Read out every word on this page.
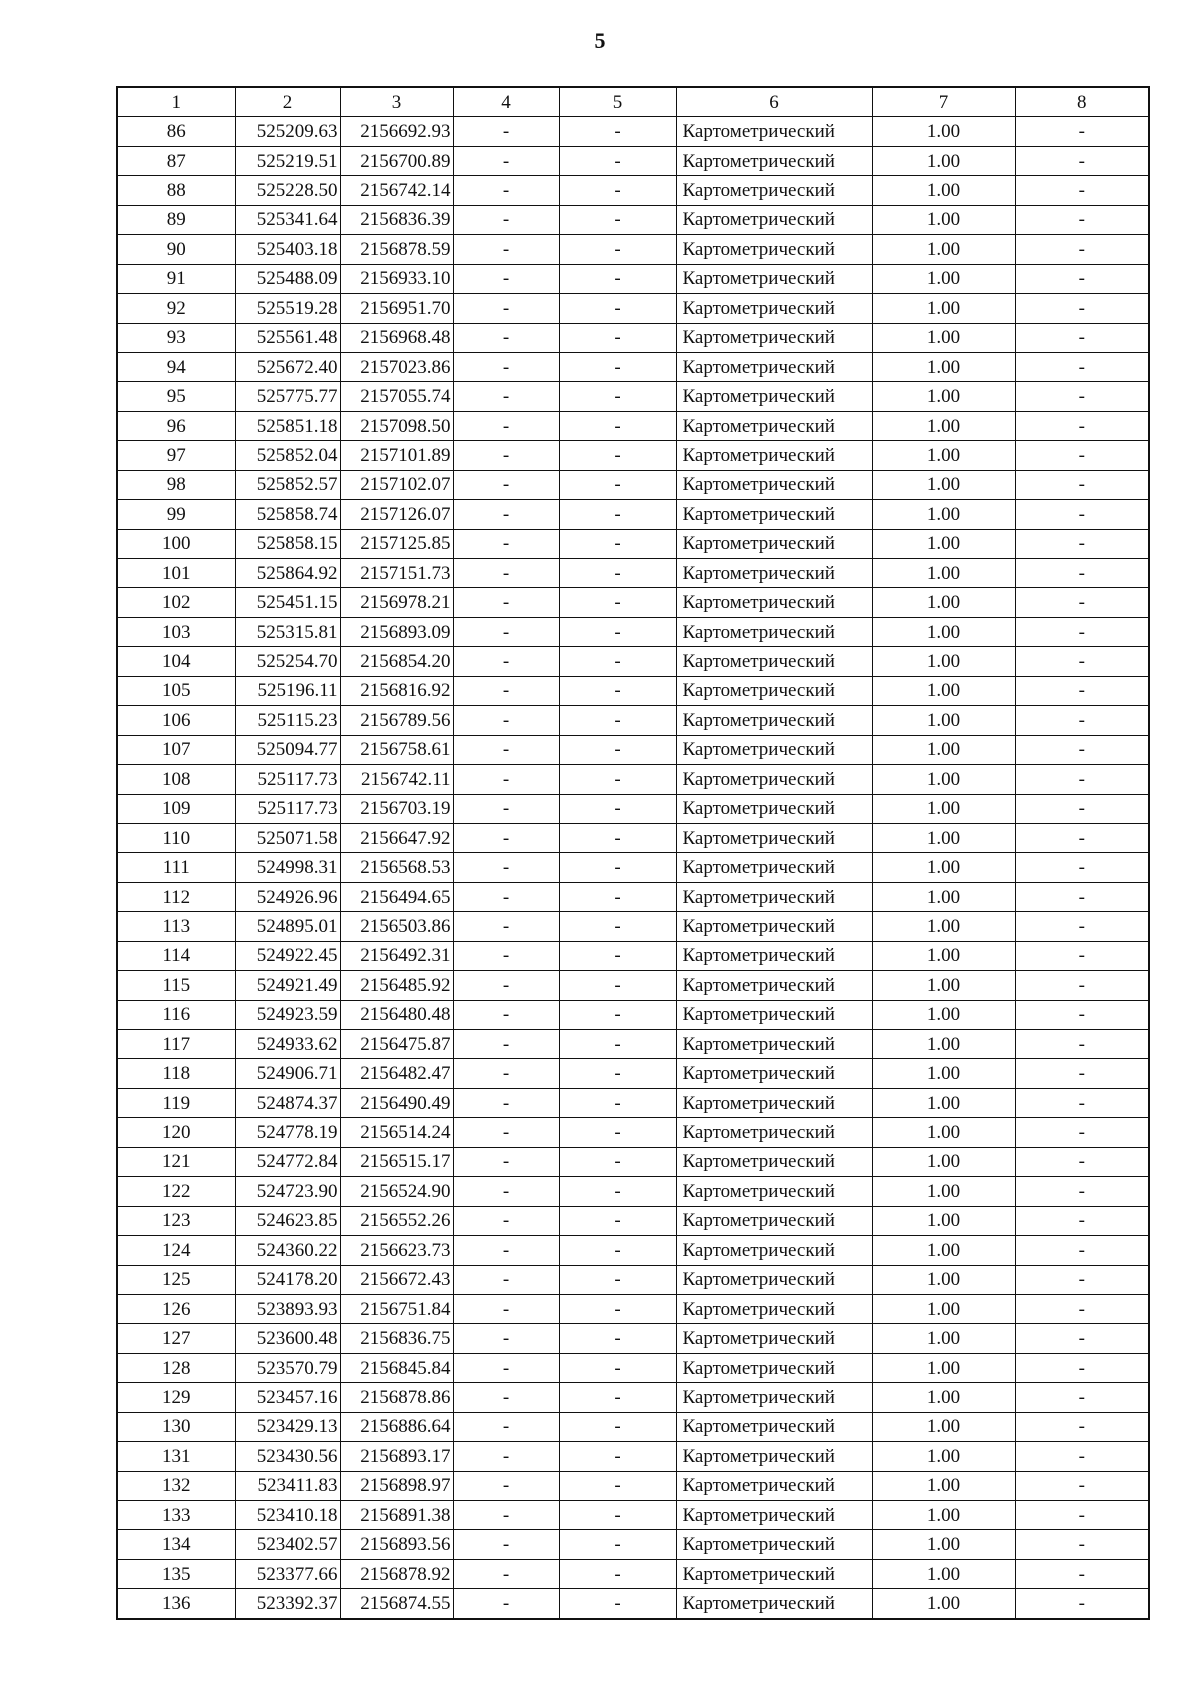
5
1	2	3	4	5	6	7	8
86	525209.63	2156692.93	-	-	Картометрический	1.00	-
87	525219.51	2156700.89	-	-	Картометрический	1.00	-
88	525228.50	2156742.14	-	-	Картометрический	1.00	-
89	525341.64	2156836.39	-	-	Картометрический	1.00	-
90	525403.18	2156878.59	-	-	Картометрический	1.00	-
91	525488.09	2156933.10	-	-	Картометрический	1.00	-
92	525519.28	2156951.70	-	-	Картометрический	1.00	-
93	525561.48	2156968.48	-	-	Картометрический	1.00	-
94	525672.40	2157023.86	-	-	Картометрический	1.00	-
95	525775.77	2157055.74	-	-	Картометрический	1.00	-
96	525851.18	2157098.50	-	-	Картометрический	1.00	-
97	525852.04	2157101.89	-	-	Картометрический	1.00	-
98	525852.57	2157102.07	-	-	Картометрический	1.00	-
99	525858.74	2157126.07	-	-	Картометрический	1.00	-
100	525858.15	2157125.85	-	-	Картометрический	1.00	-
101	525864.92	2157151.73	-	-	Картометрический	1.00	-
102	525451.15	2156978.21	-	-	Картометрический	1.00	-
103	525315.81	2156893.09	-	-	Картометрический	1.00	-
104	525254.70	2156854.20	-	-	Картометрический	1.00	-
105	525196.11	2156816.92	-	-	Картометрический	1.00	-
106	525115.23	2156789.56	-	-	Картометрический	1.00	-
107	525094.77	2156758.61	-	-	Картометрический	1.00	-
108	525117.73	2156742.11	-	-	Картометрический	1.00	-
109	525117.73	2156703.19	-	-	Картометрический	1.00	-
110	525071.58	2156647.92	-	-	Картометрический	1.00	-
111	524998.31	2156568.53	-	-	Картометрический	1.00	-
112	524926.96	2156494.65	-	-	Картометрический	1.00	-
113	524895.01	2156503.86	-	-	Картометрический	1.00	-
114	524922.45	2156492.31	-	-	Картометрический	1.00	-
115	524921.49	2156485.92	-	-	Картометрический	1.00	-
116	524923.59	2156480.48	-	-	Картометрический	1.00	-
117	524933.62	2156475.87	-	-	Картометрический	1.00	-
118	524906.71	2156482.47	-	-	Картометрический	1.00	-
119	524874.37	2156490.49	-	-	Картометрический	1.00	-
120	524778.19	2156514.24	-	-	Картометрический	1.00	-
121	524772.84	2156515.17	-	-	Картометрический	1.00	-
122	524723.90	2156524.90	-	-	Картометрический	1.00	-
123	524623.85	2156552.26	-	-	Картометрический	1.00	-
124	524360.22	2156623.73	-	-	Картометрический	1.00	-
125	524178.20	2156672.43	-	-	Картометрический	1.00	-
126	523893.93	2156751.84	-	-	Картометрический	1.00	-
127	523600.48	2156836.75	-	-	Картометрический	1.00	-
128	523570.79	2156845.84	-	-	Картометрический	1.00	-
129	523457.16	2156878.86	-	-	Картометрический	1.00	-
130	523429.13	2156886.64	-	-	Картометрический	1.00	-
131	523430.56	2156893.17	-	-	Картометрический	1.00	-
132	523411.83	2156898.97	-	-	Картометрический	1.00	-
133	523410.18	2156891.38	-	-	Картометрический	1.00	-
134	523402.57	2156893.56	-	-	Картометрический	1.00	-
135	523377.66	2156878.92	-	-	Картометрический	1.00	-
136	523392.37	2156874.55	-	-	Картометрический	1.00	-
